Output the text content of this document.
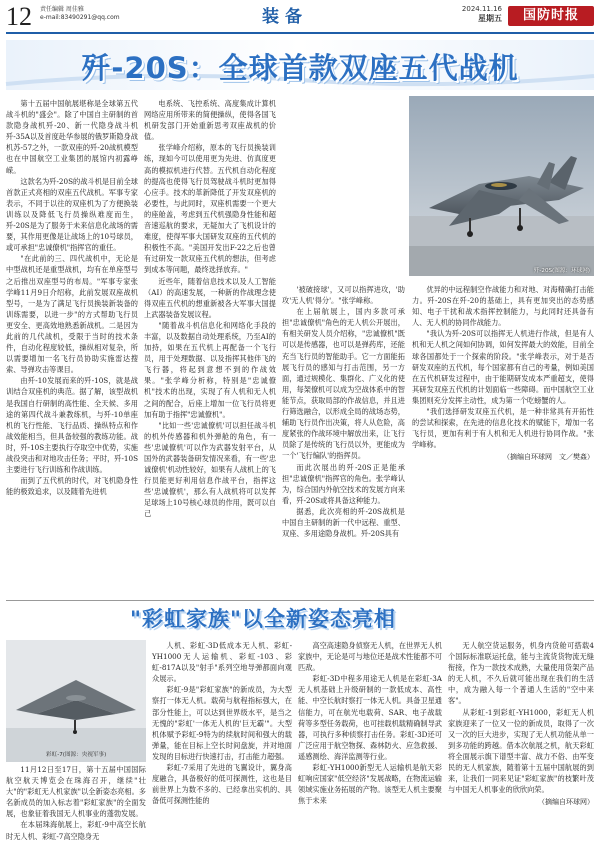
12 责任编辑 周佳雅
e-mail:83490291@qq.com	装备	2024.11.16
星期五	国防时报
歼-20S：全球首款双座五代战机

第十五届中国航展堪称是全球第五代战斗机的"盛会"。除了中国自主研制的首款隐身战机歼-20、新一代隐身战斗机歼-35A以及首度赴华参展的俄罗斯隐身战机苏-57之外，一款双座的歼-20战机模型也在中国航空工业集团的展馆内初露峥嵘。

这款名为歼-20S的战斗机是目前全球首款正式亮相的双座五代战机。军事专家表示，不同于以往的双座机为了方便换装训练以及降低飞行员操纵难度而生，歼-20S是为了服务于未来信息化战场的需要，其作用更像是让战场上的10号球员，或可承担"忠诚僚机"指挥官的重任。

"在此前的三、四代战机中，无论是中型战机还是重型战机，均有在单座型号之后推出双座型号的布局。"军事专家张学峰11月9日介绍称，此前发展双座战机型号，一是为了满足飞行员换装新装备的训练需要，以进一步"的方式帮助飞行员更安全、更高效地熟悉新战机。二是因为此前的几代战机，受限于当时的技术条件，自动化程度较低，操纵相对复杂，所以需要增加一名飞行员协助实施雷达搜索、导弹攻击等课目。

由歼-10发展而来的歼-10S，就是战训结合双座机的典范。据了解，该型战机是我国自行研制的高性能、全天候、多用途的第四代战斗兼教练机，与歼-10单座机的飞行性能、飞行品质、操纵特点和作战效能相当，但具备较强的教练功能。战时，歼-10S主要执行夺取空中优势，实施战役突击和对地攻击任务；平时，歼-10S主要进行飞行训练和作战训练。

而到了五代机的时代，对飞机隐身性能的极致追求，以及随着先进机

电系统、飞控系统、高度集成计算机网络应用所带来的简便操纵，使得各国飞机研发部门开始重新思考双座战机的价值。

张学峰介绍称，原本的飞行员换装训练，现如今可以使用更为先进、仿真度更高的模拟机进行代替。五代机自动化程度的提高也使得飞行员驾驶战斗机时更加得心应手。技术的革新降低了开发双座机的必要性，与此同时，双座机需要一个更大的座舱盖，考虑到五代机强隐身性能和超音速巡航的要求，无疑加大了飞机设计的难度，使得军事大国研发双座的五代机的积极性不高。"美国开发出F-22之后也曾有过研发一款双座五代机的想法，但考虑到成本等问题，最终选择放弃。"

近些年，随着信息技术以及人工智能（AI）的高速发展，一种新的作战理念使得双座五代机的想重新被各大军事大国提上武器装备发展议程。

"随着战斗机信息化和网络化手段的丰富，以及数据自动处理系统，乃至AI的加持，如果在五代机上再配备一个飞行员，用于处理数据、以及指挥其他伴飞的飞行器，将起到意想不到的作战效果。"张学峰分析称，特别是"忠诚僚机"技术的出现，实现了有人机和无人机之间的配合，后座上增加一位飞行员将更加有助于指挥"忠诚僚机"。

"比如一些'忠诚僚机'可以担任战斗机的机外传感器和机外弹舱的角色，有一些'忠诚僚机'可以作为武器发射平台，从国外的武器装备研发情况来看，有一些'忠诚僚机'机动性较好，如果有人战机上的飞行员能更好利用信息作战平台，指挥这些'忠诚僚机'，那么有人战机将可以发挥足球场上10号核心球员的作用，既可以自己

歼-20S(图源：环球网)

'被破接球'，又可以指挥进攻，'助攻'无人机'得分'。"张学峰称。

在上届航展上，国内多款可承担"忠诚僚机"角色的无人机公开展出，有相关研发人员介绍称，"忠诚僚机"既可以是传感器，也可以是弹药库，还能充当飞行员的智能助手。它一方面能拓展飞行员的感知与打击范围，另一方面，通过规模化、集群化、广义化的使用，每架僚机可以成为空战体系中的智能节点，获取局部的作战信息，并且进行筛选融合，以形成全局的战场态势，辅助飞行员作出决策，将人从危险，高度紧张的作战环境中解放出来，让飞行员除了是传统的飞行员以外，更能成为一个'飞行编队'的指挥员。

而此次展出的歼-20S正是能承担"忠诚僚机"指挥官的角色。张学峰认为，综合国内外航空技术的发展方向来看，歼-20S或将具备这种能力。

据悉，此次亮相的歼-20S战机是中国自主研制的新一代中远程、重型、双座、多用途隐身战机。歼-20S具有

优异的中远程制空作战能力和对地、对海精确打击能力。歼-20S在歼-20的基础上，具有更加突出的态势感知、电子干扰和战术指挥控制能力，与此同时还具备有人、无人机的协同作战能力。

"我认为歼-20S可以指挥无人机进行作战，但是有人机和无人机之间如何协调，如何发挥最大的效能，目前全球各国都处于一个探索的阶段。"张学峰表示，对于是否研发双座的五代机，每个国家都有自己的考量，例如美国在五代机研发过程中，由于能期研发成本严重超支，使得其研发双座五代机的计划面临一些障碍。而中国航空工业集团则充分发挥主动性，成为第一个吃螃蟹的人。

"我们选择研发双座五代机，是一种非常具有开拓性的尝试和探索，在先进的信息化技术的赋能下，增加一名飞行员，更加有利于有人机和无人机进行协同作战。"张学峰称。

（摘编自环球网　文／樊姦）
"彩虹家族"以全新姿态亮相
彩虹-7(图源：央视军事)

11月12日至17日，第十五届中国国际航空航天博览会在珠海召开，继续"壮大"的"彩虹无人机家族"以全新姿态亮相。多名新成员的加入标志着"彩虹家族"的全面发展，也象征着我国无人机事业的蓬勃发展。

在本届珠海航展上，彩虹-9中高空长航时无人机、彩虹-7高空隐身无

人机、彩虹-3D低成本无人机、彩虹-YH1000无人运输机、彩虹-103、彩虹-817A以及"射手"系列空地导弹都面向观众展示。

彩虹-9是"彩虹家族"的新成员，为大型察打一体无人机。载荷与航程指标强大，在部分性能上，可以达到世界级水平，是当之无愧的"彩虹'一体无人机的'巨无霸'"。大型机体赋予彩虹-9特为的续航时间和强大的载弹量，能在目标上空长时间盘旋，并对地面发现的目标进行快速打击，打击能力超强。

彩虹-7采用了先进的飞翼设计，翼身高度融合，具备极好的低可探测性，这也是目前世界上为数不多的、已经拿出实机的、具备低可探测性能的

高空高速隐身侦察无人机，在世界无人机家族中，无论是可与地位还是战术性能都不可匹敌。

彩虹-3D中程多用途无人机是在彩虹-3A无人机基础上升级研制的一款低成本、高性能、中空长航时察打一体无人机。具备卫星通信能力，可在航光电载荷、SAR、电子战载荷等多型任务载荷，也可挂载机载精确制导武器，可执行多种侦察打击任务。彩虹-3D还可广泛应用于航空物探、森林防火、应急救援、遥感测绘、海洋监测等行业。

彩虹-YH1000新型无人运输机是航天彩虹响应国家"低空经济"发展战略，在物流运输领域实施业务拓展的产物。该型无人机主要聚焦于未来

无人航空货运服务，机身内货舱可搭载4个国际标准联运托盘，能与主流货货物流无缝衔接，作为一款技术成熟，大量使用货架产品的无人机，不久后就可能出现在我们的生活中，成为融入每一个普通人生活的"空中来客"。

从彩虹-1到彩虹-YH1000，彩虹无人机家族迎来了一位又一位的新成员，取得了一次又一次的巨大进步，实现了无人机功能从单一到多功能的跨越。借本次航展之机，航天彩虹将全面展示旗下谱型丰富、战力不俗、由军变民的无人机家族，随着第十五届中国航展的到来，让我们一同来见证"彩虹家族"的枝繁叶茂与中国无人机事业的欣欣向荣。

（摘编自环球网）
